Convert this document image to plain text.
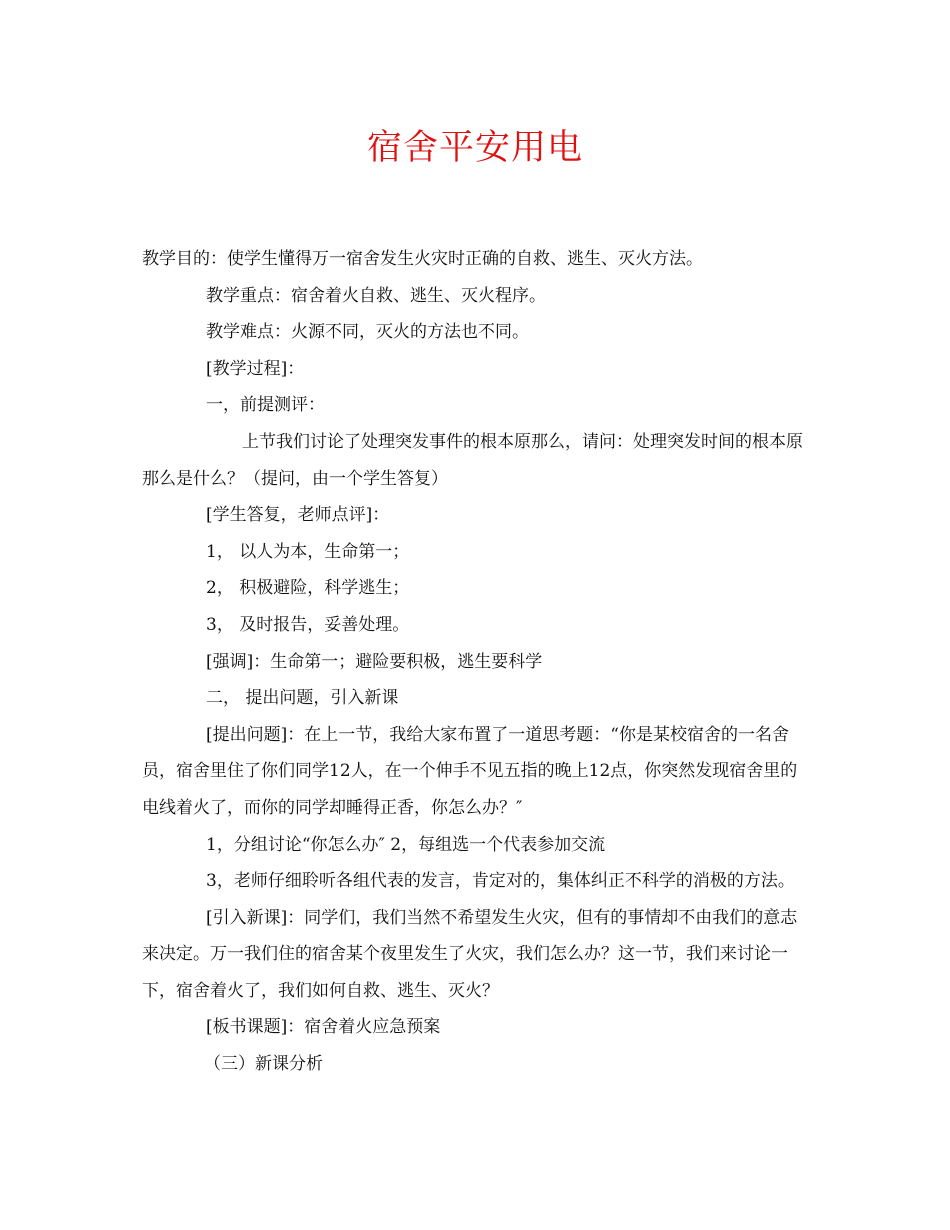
宿舍平安用电

教学目的：使学生懂得万一宿舍发生火灾时正确的自救、逃生、灭火方法。

教学重点：宿舍着火自救、逃生、灭火程序。

教学难点：火源不同，灭火的方法也不同。

[教学过程]：

一，前提测评：

上节我们讨论了处理突发事件的根本原那么，请问：处理突发时间的根本原那么是什么？（提问，由一个学生答复）

[学生答复，老师点评]：

1， 以人为本，生命第一；

2， 积极避险，科学逃生；

3， 及时报告，妥善处理。

[强调]：生命第一；避险要积极，逃生要科学

二， 提出问题，引入新课

[提出问题]：在上一节，我给大家布置了一道思考题：“你是某校宿舍的一名舍员，宿舍里住了你们同学12人，在一个伸手不见五指的晚上12点，你突然发现宿舍里的电线着火了，而你的同学却睡得正香，你怎么办？″

1，分组讨论“你怎么办″ 2，每组选一个代表参加交流

3，老师仔细聆听各组代表的发言，肯定对的，集体纠正不科学的消极的方法。

[引入新课]：同学们，我们当然不希望发生火灾，但有的事情却不由我们的意志来决定。万一我们住的宿舍某个夜里发生了火灾，我们怎么办？这一节，我们来讨论一下，宿舍着火了，我们如何自救、逃生、灭火？

[板书课题]：宿舍着火应急预案

（三）新课分析
